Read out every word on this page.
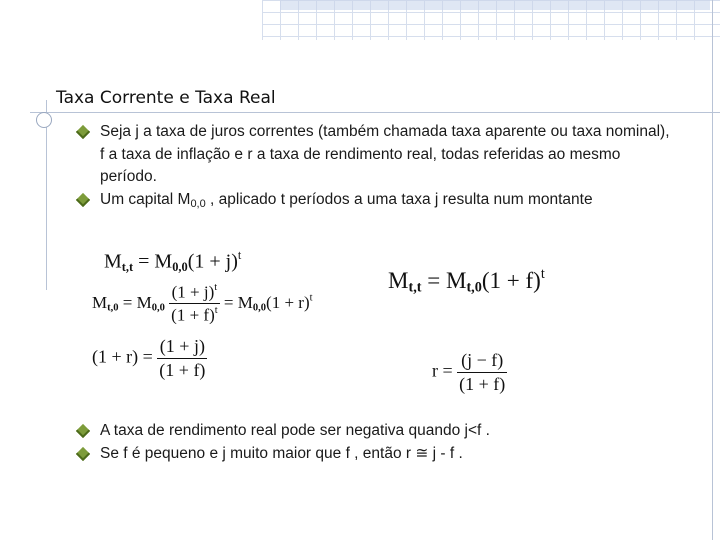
Taxa Corrente e Taxa Real
Seja j a taxa de juros correntes (também chamada taxa aparente ou taxa nominal), f a taxa de inflação e r a taxa de rendimento real, todas referidas ao mesmo período.
Um capital $M_{0,0}$ , aplicado t períodos a uma taxa j resulta num montante
$Mt,t = M0,0(1 + j)^t$
$Mt,t = Mt,0(1 + f)^t$
$Mt,0 = M0,0 \frac{(1 + j)^t}{(1 + f)^t} = M0,0(1 + r)^t$
$(1 + r) = \frac{(1 + j)}{(1 + f)}$	$r = \frac{(j - f)}{(1 + f)}$
A taxa de rendimento real pode ser negativa quando j<f .
Se f é pequeno e j muito maior que f , então r ≅ j - f .
